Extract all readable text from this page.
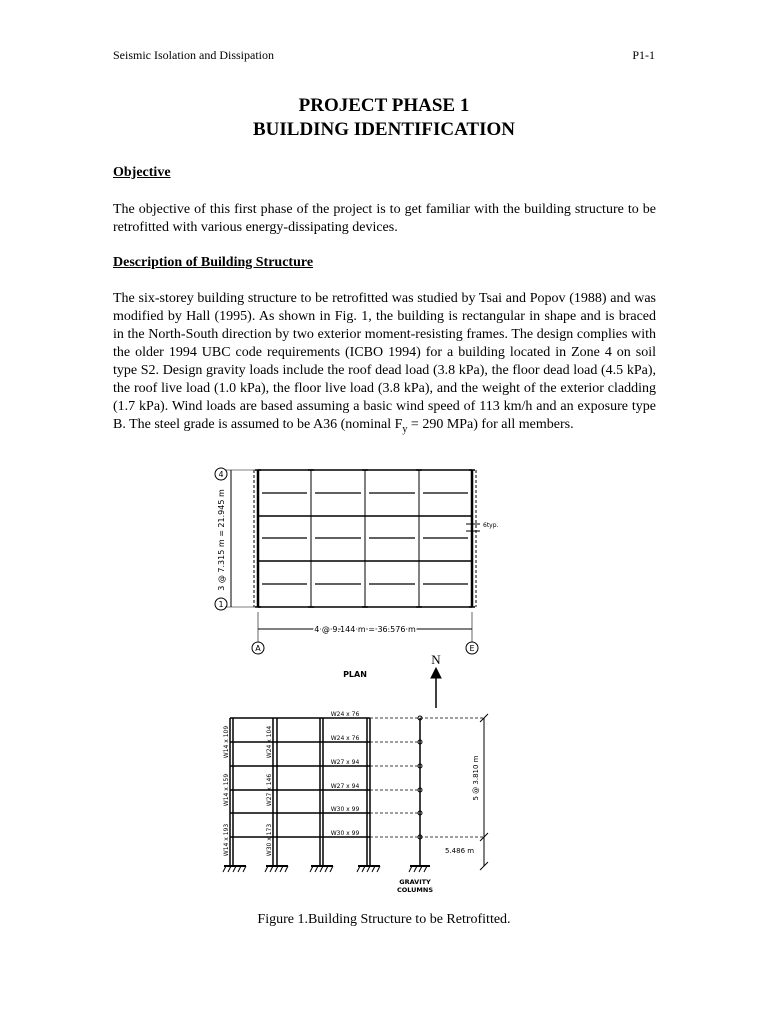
Seismic Isolation and Dissipation	P1-1
PROJECT PHASE 1
BUILDING IDENTIFICATION
Objective
The objective of this first phase of the project is to get familiar with the building structure to be retrofitted with various energy-dissipating devices.
Description of Building Structure
The six-storey building structure to be retrofitted was studied by Tsai and Popov (1988) and was modified by Hall (1995). As shown in Fig. 1, the building is rectangular in shape and is braced in the North-South direction by two exterior moment-resisting frames. The design complies with the older 1994 UBC code requirements (ICBO 1994) for a building located in Zone 4 on soil type S2. Design gravity loads include the roof dead load (3.8 kPa), the floor dead load (4.5 kPa), the roof live load (1.0 kPa), the floor live load (3.8 kPa), and the weight of the exterior cladding (1.7 kPa). Wind loads are based assuming a basic wind speed of 113 km/h and an exposure type B. The steel grade is assumed to be A36 (nominal $F_y = 290$ MPa) for all members.
4
1
A	E
3 @ 7.315 m = 21.945 m
4 @ 9.144 m = 36.576 m
6typ.
PLAN
N
W24 x 76
W24 x 76
W27 x 94
W27 x 94
W30 x 99
W30 x 99
W14 x 109
W14 x 159
W14 x 193
W24 x 104
W27 x 146
W30 x 173
5 @ 3.810 m
5.486 m
GRAVITY
COLUMNS
Figure 1.Building Structure to be Retrofitted.
